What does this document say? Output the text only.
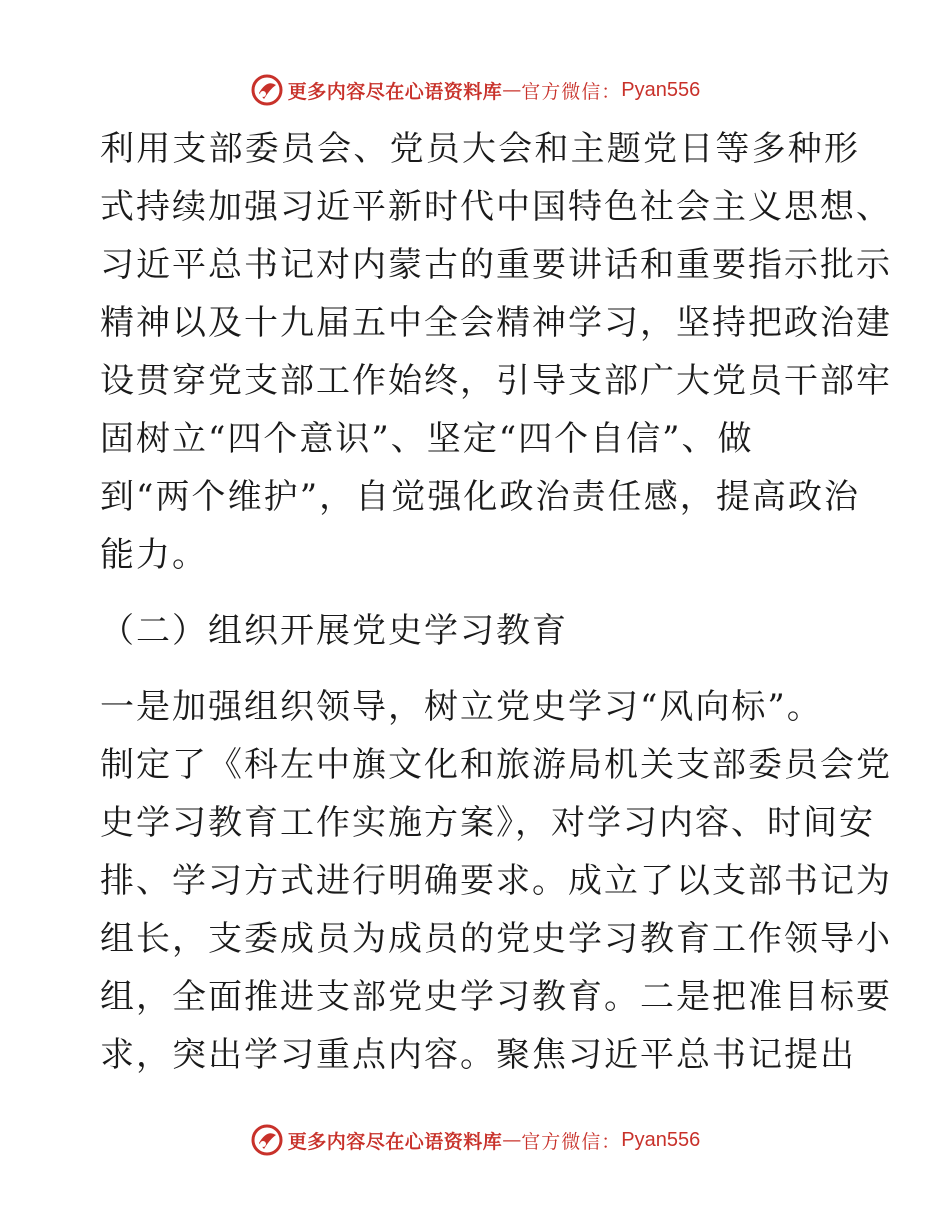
更多内容尽在心语资料库 — 官方微信： Pyan556
利用支部委员会、党员大会和主题党日等多种形
式持续加强习近平新时代中国特色社会主义思想、
习近平总书记对内蒙古的重要讲话和重要指示批示
精神以及十九届五中全会精神学习，坚持把政治建
设贯穿党支部工作始终，引导支部广大党员干部牢
固树立“四个意识”、坚定“四个自信”、做
到“两个维护”，自觉强化政治责任感，提高政治
能力。
（二）组织开展党史学习教育
一是加强组织领导，树立党史学习“风向标”。
制定了《科左中旗文化和旅游局机关支部委员会党
史学习教育工作实施方案》，对学习内容、时间安
排、学习方式进行明确要求。成立了以支部书记为
组长，支委成员为成员的党史学习教育工作领导小
组，全面推进支部党史学习教育。二是把准目标要
求，突出学习重点内容。聚焦习近平总书记提出
更多内容尽在心语资料库 — 官方微信： Pyan556
